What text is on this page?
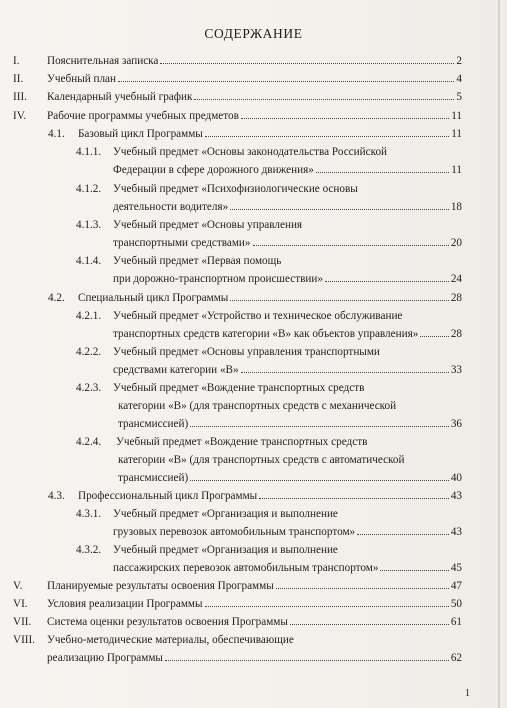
СОДЕРЖАНИЕ
I. Пояснительная записка	2
II. Учебный план	4
III. Календарный учебный график	5
IV. Рабочие программы учебных предметов	11
4.1. Базовый цикл Программы	11
4.1.1. Учебный предмет «Основы законодательства Российской
Федерации в сфере дорожного движения»	11
4.1.2. Учебный предмет «Психофизиологические основы
деятельности водителя»	18
4.1.3. Учебный предмет «Основы управления
транспортными средствами»	20
4.1.4. Учебный предмет «Первая помощь
при дорожно-транспортном происшествии»	24
4.2. Специальный цикл Программы	28
4.2.1. Учебный предмет «Устройство и техническое обслуживание
транспортных средств категории «В» как объектов управления»	28
4.2.2. Учебный предмет «Основы управления транспортными
средствами категории «В»	33
4.2.3. Учебный предмет «Вождение транспортных средств
категории «В» (для транспортных средств с механической
трансмиссией)	36
4.2.4. Учебный предмет «Вождение транспортных средств
категории «В» (для транспортных средств с автоматической
трансмиссией)	40
4.3. Профессиональный цикл Программы	43
4.3.1. Учебный предмет «Организация и выполнение
грузовых перевозок автомобильным транспортом»	43
4.3.2. Учебный предмет «Организация и выполнение
пассажирских перевозок автомобильным транспортом»	45
V. Планируемые результаты освоения Программы	47
VI. Условия реализации Программы	50
VII. Система оценки результатов освоения Программы	61
VIII. Учебно-методические материалы, обеспечивающие
реализацию Программы	62
1
